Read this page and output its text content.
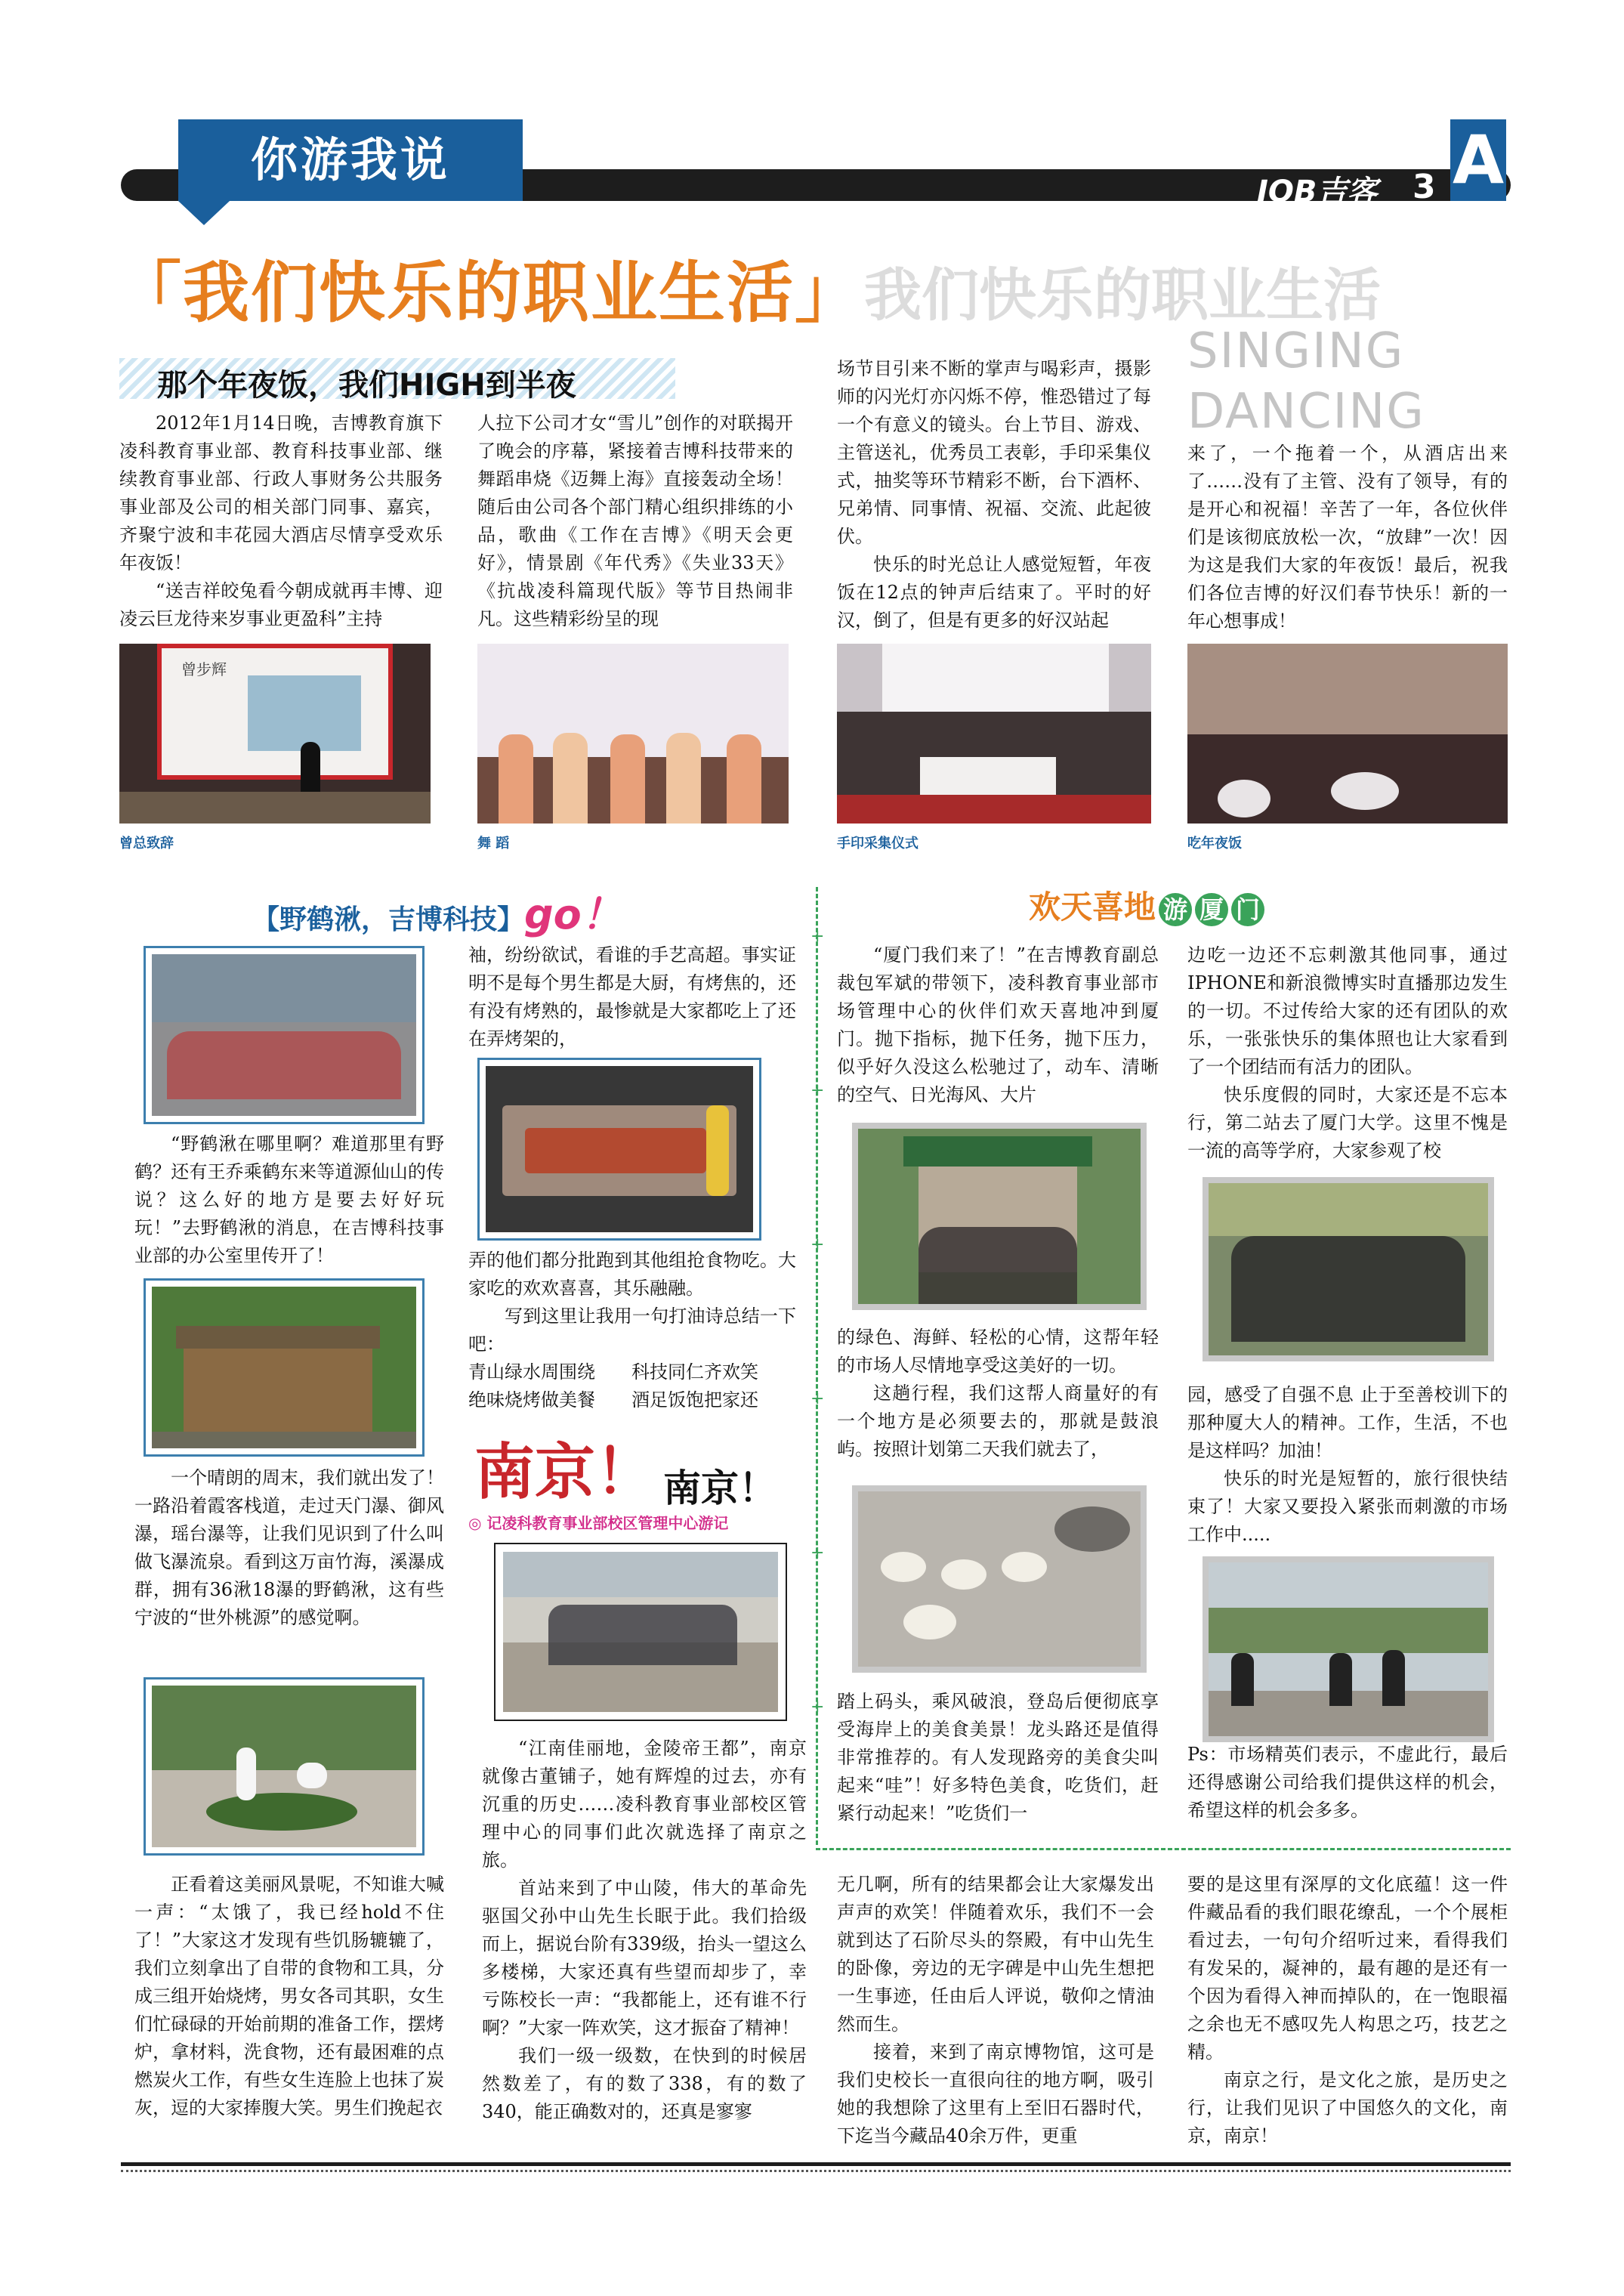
你游我说
JOB吉客 3 A
「我们快乐的职业生活」 我们快乐的职业生活
SINGING
DANCING
那个年夜饭，我们HIGH到半夜

2012年1月14日晚，吉博教育旗下凌科教育事业部、教育科技事业部、继续教育事业部、行政人事财务公共服务事业部及公司的相关部门同事、嘉宾，齐聚宁波和丰花园大酒店尽情享受欢乐年夜饭！

“送吉祥皎兔看今朝成就再丰博、迎凌云巨龙待来岁事业更盈科”主持

人拉下公司才女“雪儿”创作的对联揭开了晚会的序幕，紧接着吉博科技带来的舞蹈串烧《迈舞上海》直接轰动全场！随后由公司各个部门精心组织排练的小品，歌曲《工作在吉博》《明天会更好》，情景剧《年代秀》《失业33天》《抗战凌科篇现代版》等节目热闹非凡。这些精彩纷呈的现

场节目引来不断的掌声与喝彩声，摄影师的闪光灯亦闪烁不停，惟恐错过了每一个有意义的镜头。台上节目、游戏、主管送礼，优秀员工表彰，手印采集仪式，抽奖等环节精彩不断，台下酒杯、兄弟情、同事情、祝福、交流、此起彼伏。

快乐的时光总让人感觉短暂，年夜饭在12点的钟声后结束了。平时的好汉，倒了，但是有更多的好汉站起

来了，一个拖着一个，从酒店出来了……没有了主管、没有了领导，有的是开心和祝福！辛苦了一年，各位伙伴们是该彻底放松一次，“放肆”一次！因为这是我们大家的年夜饭！最后，祝我们各位吉博的好汉们春节快乐！新的一年心想事成！

曾步辉
曾总致辞	舞 蹈	手印采集仪式	吃年夜饭
【野鹤湫，吉博科技】go！

“野鹤湫在哪里啊？难道那里有野鹤？还有王乔乘鹤东来等道源仙山的传说？这么好的地方是要去好好玩玩！”去野鹤湫的消息，在吉博科技事业部的办公室里传开了！

一个晴朗的周末，我们就出发了！一路沿着霞客栈道，走过天门瀑、御风瀑，瑶台瀑等，让我们见识到了什么叫做飞瀑流泉。看到这万亩竹海，溪瀑成群，拥有36湫18瀑的野鹤湫，这有些宁波的“世外桃源”的感觉啊。

正看着这美丽风景呢，不知谁大喊一声：“太饿了，我已经hold不住了！”大家这才发现有些饥肠辘辘了，我们立刻拿出了自带的食物和工具，分成三组开始烧烤，男女各司其职，女生们忙碌碌的开始前期的准备工作，摆烤炉，拿材料，洗食物，还有最困难的点燃炭火工作，有些女生连脸上也抹了炭灰，逗的大家捧腹大笑。男生们挽起衣

袖，纷纷欲试，看谁的手艺高超。事实证明不是每个男生都是大厨，有烤焦的，还有没有烤熟的，最惨就是大家都吃上了还在弄烤架的，

弄的他们都分批跑到其他组抢食物吃。大家吃的欢欢喜喜，其乐融融。

写到这里让我用一句打油诗总结一下吧：

青山绿水周围绕　　科技同仁齐欢笑

绝味烧烤做美餐　　酒足饭饱把家还

南京！ 南京！
◎ 记凌科教育事业部校区管理中心游记

“江南佳丽地，金陵帝王都”，南京就像古董铺子，她有辉煌的过去，亦有沉重的历史……凌科教育事业部校区管理中心的同事们此次就选择了南京之旅。

首站来到了中山陵，伟大的革命先驱国父孙中山先生长眠于此。我们拾级而上，据说台阶有339级，抬头一望这么多楼梯，大家还真有些望而却步了，幸亏陈校长一声：“我都能上，还有谁不行啊？”大家一阵欢笑，这才振奋了精神！

我们一级一级数，在快到的时候居然数差了，有的数了338，有的数了340，能正确数对的，还真是寥寥

无几啊，所有的结果都会让大家爆发出声声的欢笑！伴随着欢乐，我们不一会就到达了石阶尽头的祭殿，有中山先生的卧像，旁边的无字碑是中山先生想把一生事迹，任由后人评说，敬仰之情油然而生。

接着，来到了南京博物馆，这可是我们史校长一直很向往的地方啊，吸引她的我想除了这里有上至旧石器时代，下迄当今藏品40余万件，更重

要的是这里有深厚的文化底蕴！这一件件藏品看的我们眼花缭乱，一个个展柜看过去，一句句介绍听过来，看得我们有发呆的，凝神的，最有趣的是还有一个因为看得入神而掉队的，在一饱眼福之余也无不感叹先人构思之巧，技艺之精。

南京之行，是文化之旅，是历史之行，让我们见识了中国悠久的文化，南京，南京！

+
+
+
+
+
+
欢天喜地 游 厦 门

“厦门我们来了！”在吉博教育副总裁包军斌的带领下，凌科教育事业部市场管理中心的伙伴们欢天喜地冲到厦门。抛下指标，抛下任务，抛下压力，似乎好久没这么松驰过了，动车、清晰的空气、日光海风、大片

的绿色、海鲜、轻松的心情，这帮年轻的市场人尽情地享受这美好的一切。

这趟行程，我们这帮人商量好的有一个地方是必须要去的，那就是鼓浪屿。按照计划第二天我们就去了，

踏上码头，乘风破浪，登岛后便彻底享受海岸上的美食美景！龙头路还是值得非常推荐的。有人发现路旁的美食尖叫起来“哇”！好多特色美食，吃货们，赶紧行动起来！”吃货们一

边吃一边还不忘刺激其他同事，通过IPHONE和新浪微博实时直播那边发生的一切。不过传给大家的还有团队的欢乐，一张张快乐的集体照也让大家看到了一个团结而有活力的团队。

快乐度假的同时，大家还是不忘本行，第二站去了厦门大学。这里不愧是一流的高等学府，大家参观了校

园，感受了自强不息 止于至善校训下的那种厦大人的精神。工作，生活，不也是这样吗？加油！

快乐的时光是短暂的，旅行很快结束了！大家又要投入紧张而刺激的市场工作中.....

Ps：市场精英们表示，不虚此行，最后还得感谢公司给我们提供这样的机会，希望这样的机会多多。
